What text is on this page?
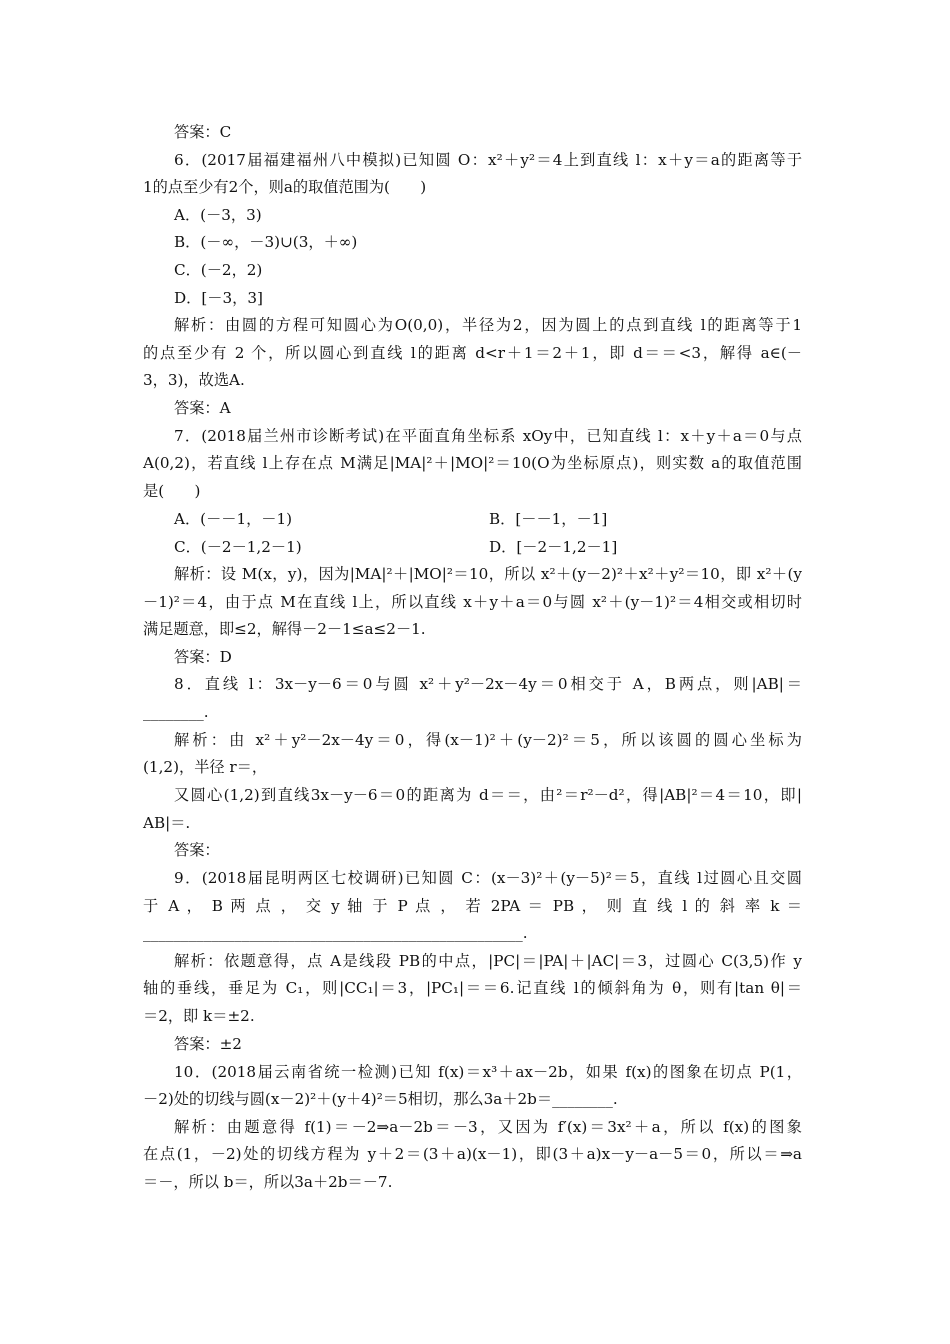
答案：C
6．(2017届福建福州八中模拟)已知圆 O：x²＋y²＝4上到直线 l：x＋y＝a的距离等于
1的点至少有2个，则a的取值范围为(　　)
A．(－3，3)
B．(－∞，－3)∪(3，＋∞)
C．(－2，2)
D．[－3，3]
解析：由圆的方程可知圆心为O(0,0)，半径为2，因为圆上的点到直线 l的距离等于1
的点至少有 2 个，所以圆心到直线 l的距离 d<r＋1＝2＋1，即 d＝＝<3，解得 a∈(－
3，3)，故选A.
答案：A
7．(2018届兰州市诊断考试)在平面直角坐标系 xOy中，已知直线 l：x＋y＋a＝0与点
A(0,2)，若直线 l上存在点 M满足|MA|²＋|MO|²＝10(O为坐标原点)，则实数 a的取值范围
是(　　)
A．(－－1，－1)	B．[－－1，－1]
C．(－2－1,2－1)	D．[－2－1,2－1]
解析：设 M(x，y)，因为|MA|²＋|MO|²＝10，所以 x²＋(y－2)²＋x²＋y²＝10，即 x²＋(y
－1)²＝4，由于点 M在直线 l上，所以直线 x＋y＋a＝0与圆 x²＋(y－1)²＝4相交或相切时
满足题意，即≤2，解得－2－1≤a≤2－1.
答案：D
8．直线 l：3x－y－6＝0与圆 x²＋y²－2x－4y＝0相交于 A，B两点，则|AB|＝
________.
解析：由 x²＋y²－2x－4y＝0，得(x－1)²＋(y－2)²＝5，所以该圆的圆心坐标为
(1,2)，半径 r＝，
又圆心(1,2)到直线3x－y－6＝0的距离为 d＝＝，由²＝r²－d²，得|AB|²＝4＝10，即|
AB|＝.
答案：
9．(2018届昆明两区七校调研)已知圆 C：(x－3)²＋(y－5)²＝5，直线 l过圆心且交圆
于 A ， B 两 点 ， 交 y 轴 于 P 点 ， 若 2PA ＝ PB ， 则 直 线 l 的 斜 率 k ＝
__________________________________________________.
解析：依题意得，点 A是线段 PB的中点，|PC|＝|PA|＋|AC|＝3，过圆心 C(3,5)作 y
轴的垂线，垂足为 C₁，则|CC₁|＝3，|PC₁|＝＝6.记直线 l的倾斜角为 θ，则有|tan θ|＝
＝2，即 k＝±2.
答案：±2
10．(2018届云南省统一检测)已知 f(x)＝x³＋ax－2b，如果 f(x)的图象在切点 P(1，
－2)处的切线与圆(x－2)²＋(y＋4)²＝5相切，那么3a＋2b＝________.
解析：由题意得 f(1)＝－2⇒a－2b＝－3，又因为 f′(x)＝3x²＋a，所以 f(x)的图象
在点(1，－2)处的切线方程为 y＋2＝(3＋a)(x－1)，即(3＋a)x－y－a－5＝0，所以＝⇒a
＝－，所以 b＝，所以3a＋2b＝－7.
